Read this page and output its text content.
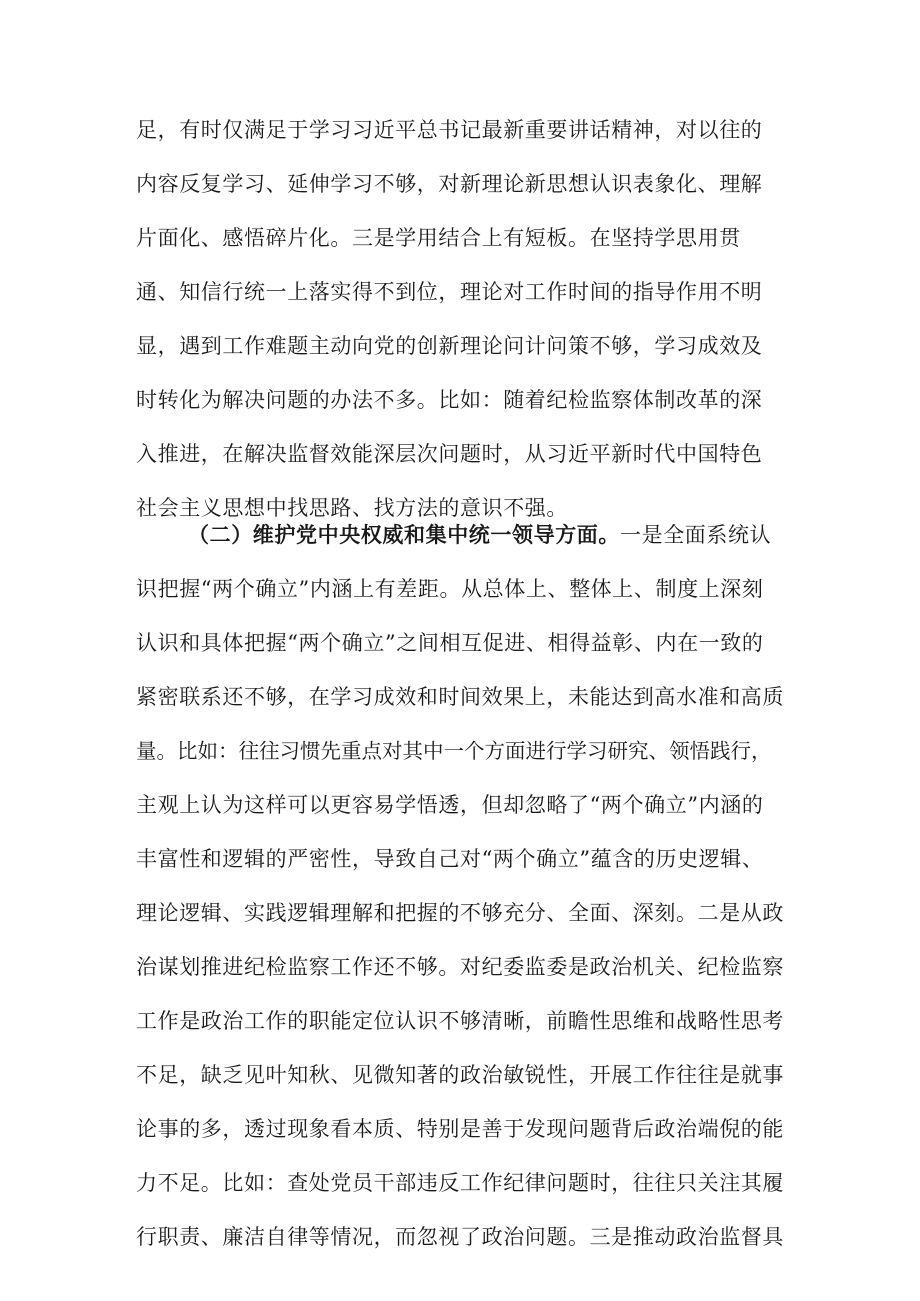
足，有时仅满足于学习习近平总书记最新重要讲话精神，对以往的
内容反复学习、延伸学习不够，对新理论新思想认识表象化、理解
片面化、感悟碎片化。三是学用结合上有短板。在坚持学思用贯
通、知信行统一上落实得不到位，理论对工作时间的指导作用不明
显，遇到工作难题主动向党的创新理论问计问策不够，学习成效及
时转化为解决问题的办法不多。比如：随着纪检监察体制改革的深
入推进，在解决监督效能深层次问题时，从习近平新时代中国特色
社会主义思想中找思路、找方法的意识不强。
（二）维护党中央权威和集中统一领导方面。一是全面系统认
识把握“两个确立”内涵上有差距。从总体上、整体上、制度上深刻
认识和具体把握“两个确立”之间相互促进、相得益彰、内在一致的
紧密联系还不够，在学习成效和时间效果上，未能达到高水准和高质
量。比如：往往习惯先重点对其中一个方面进行学习研究、领悟践行，
主观上认为这样可以更容易学悟透，但却忽略了“两个确立”内涵的
丰富性和逻辑的严密性，导致自己对“两个确立”蕴含的历史逻辑、
理论逻辑、实践逻辑理解和把握的不够充分、全面、深刻。二是从政
治谋划推进纪检监察工作还不够。对纪委监委是政治机关、纪检监察
工作是政治工作的职能定位认识不够清晰，前瞻性思维和战略性思考
不足，缺乏见叶知秋、见微知著的政治敏锐性，开展工作往往是就事
论事的多，透过现象看本质、特别是善于发现问题背后政治端倪的能
力不足。比如：查处党员干部违反工作纪律问题时，往往只关注其履
行职责、廉洁自律等情况，而忽视了政治问题。三是推动政治监督具
